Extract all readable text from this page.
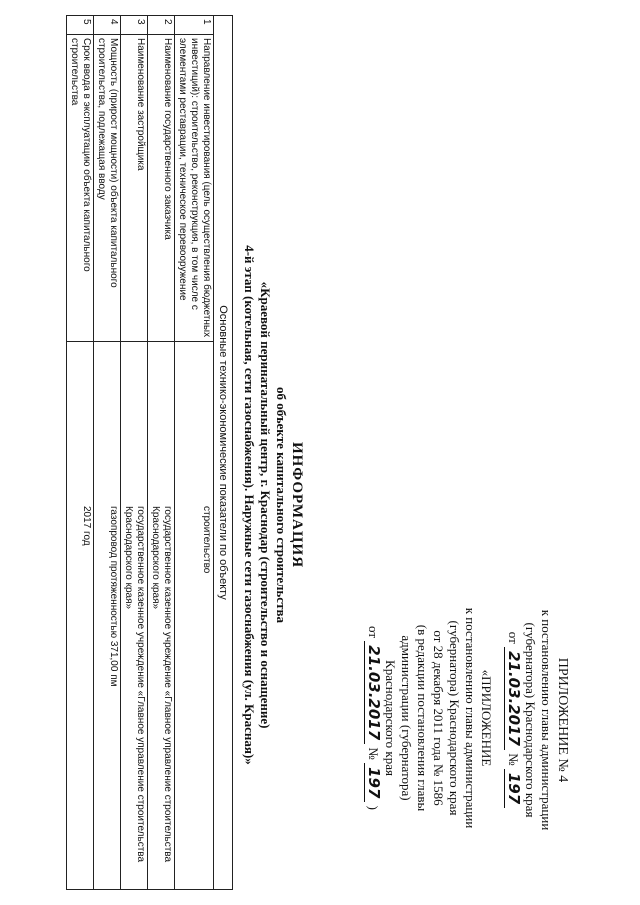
ПРИЛОЖЕНИЕ № 4
к постановлению главы администрации
(губернатора) Краснодарского края
от 21.03.2017 № 197
«ПРИЛОЖЕНИЕ
к постановлению главы администрации
(губернатора) Краснодарского края
от 28 декабря 2011 года № 1586
(в редакции постановления главы
администрации (губернатора)
Краснодарского края
от 21.03.2017 № 197 )
ИНФОРМАЦИЯ
об объекте капитального строительства
«Краевой перинатальный центр, г. Краснодар (строительство и оснащение)
4-й этап (котельная, сети газоснабжения). Наружные сети газоснабжения (ул. Красная)»
Основные технико-экономические показатели по объекту			
1	Направление инвестирования (цель осуществления бюджетных инвестиций): строительство, реконструкция, в том числе с элементами реставрации, техническое перевооружение		строительство
2	Наименование государственного заказчика		государственное казенное учреждение «Главное управление строительства Краснодарского края»
3	Наименование застройщика		государственное казенное учреждение «Главное управление строительства Краснодарского края»
4	Мощность (прирост мощности) объекта капитального строительства, подлежащая вводу		газопровод протяженностью 371,00 пм
5	Срок ввода в эксплуатацию объекта капитального строительства		2017 год
